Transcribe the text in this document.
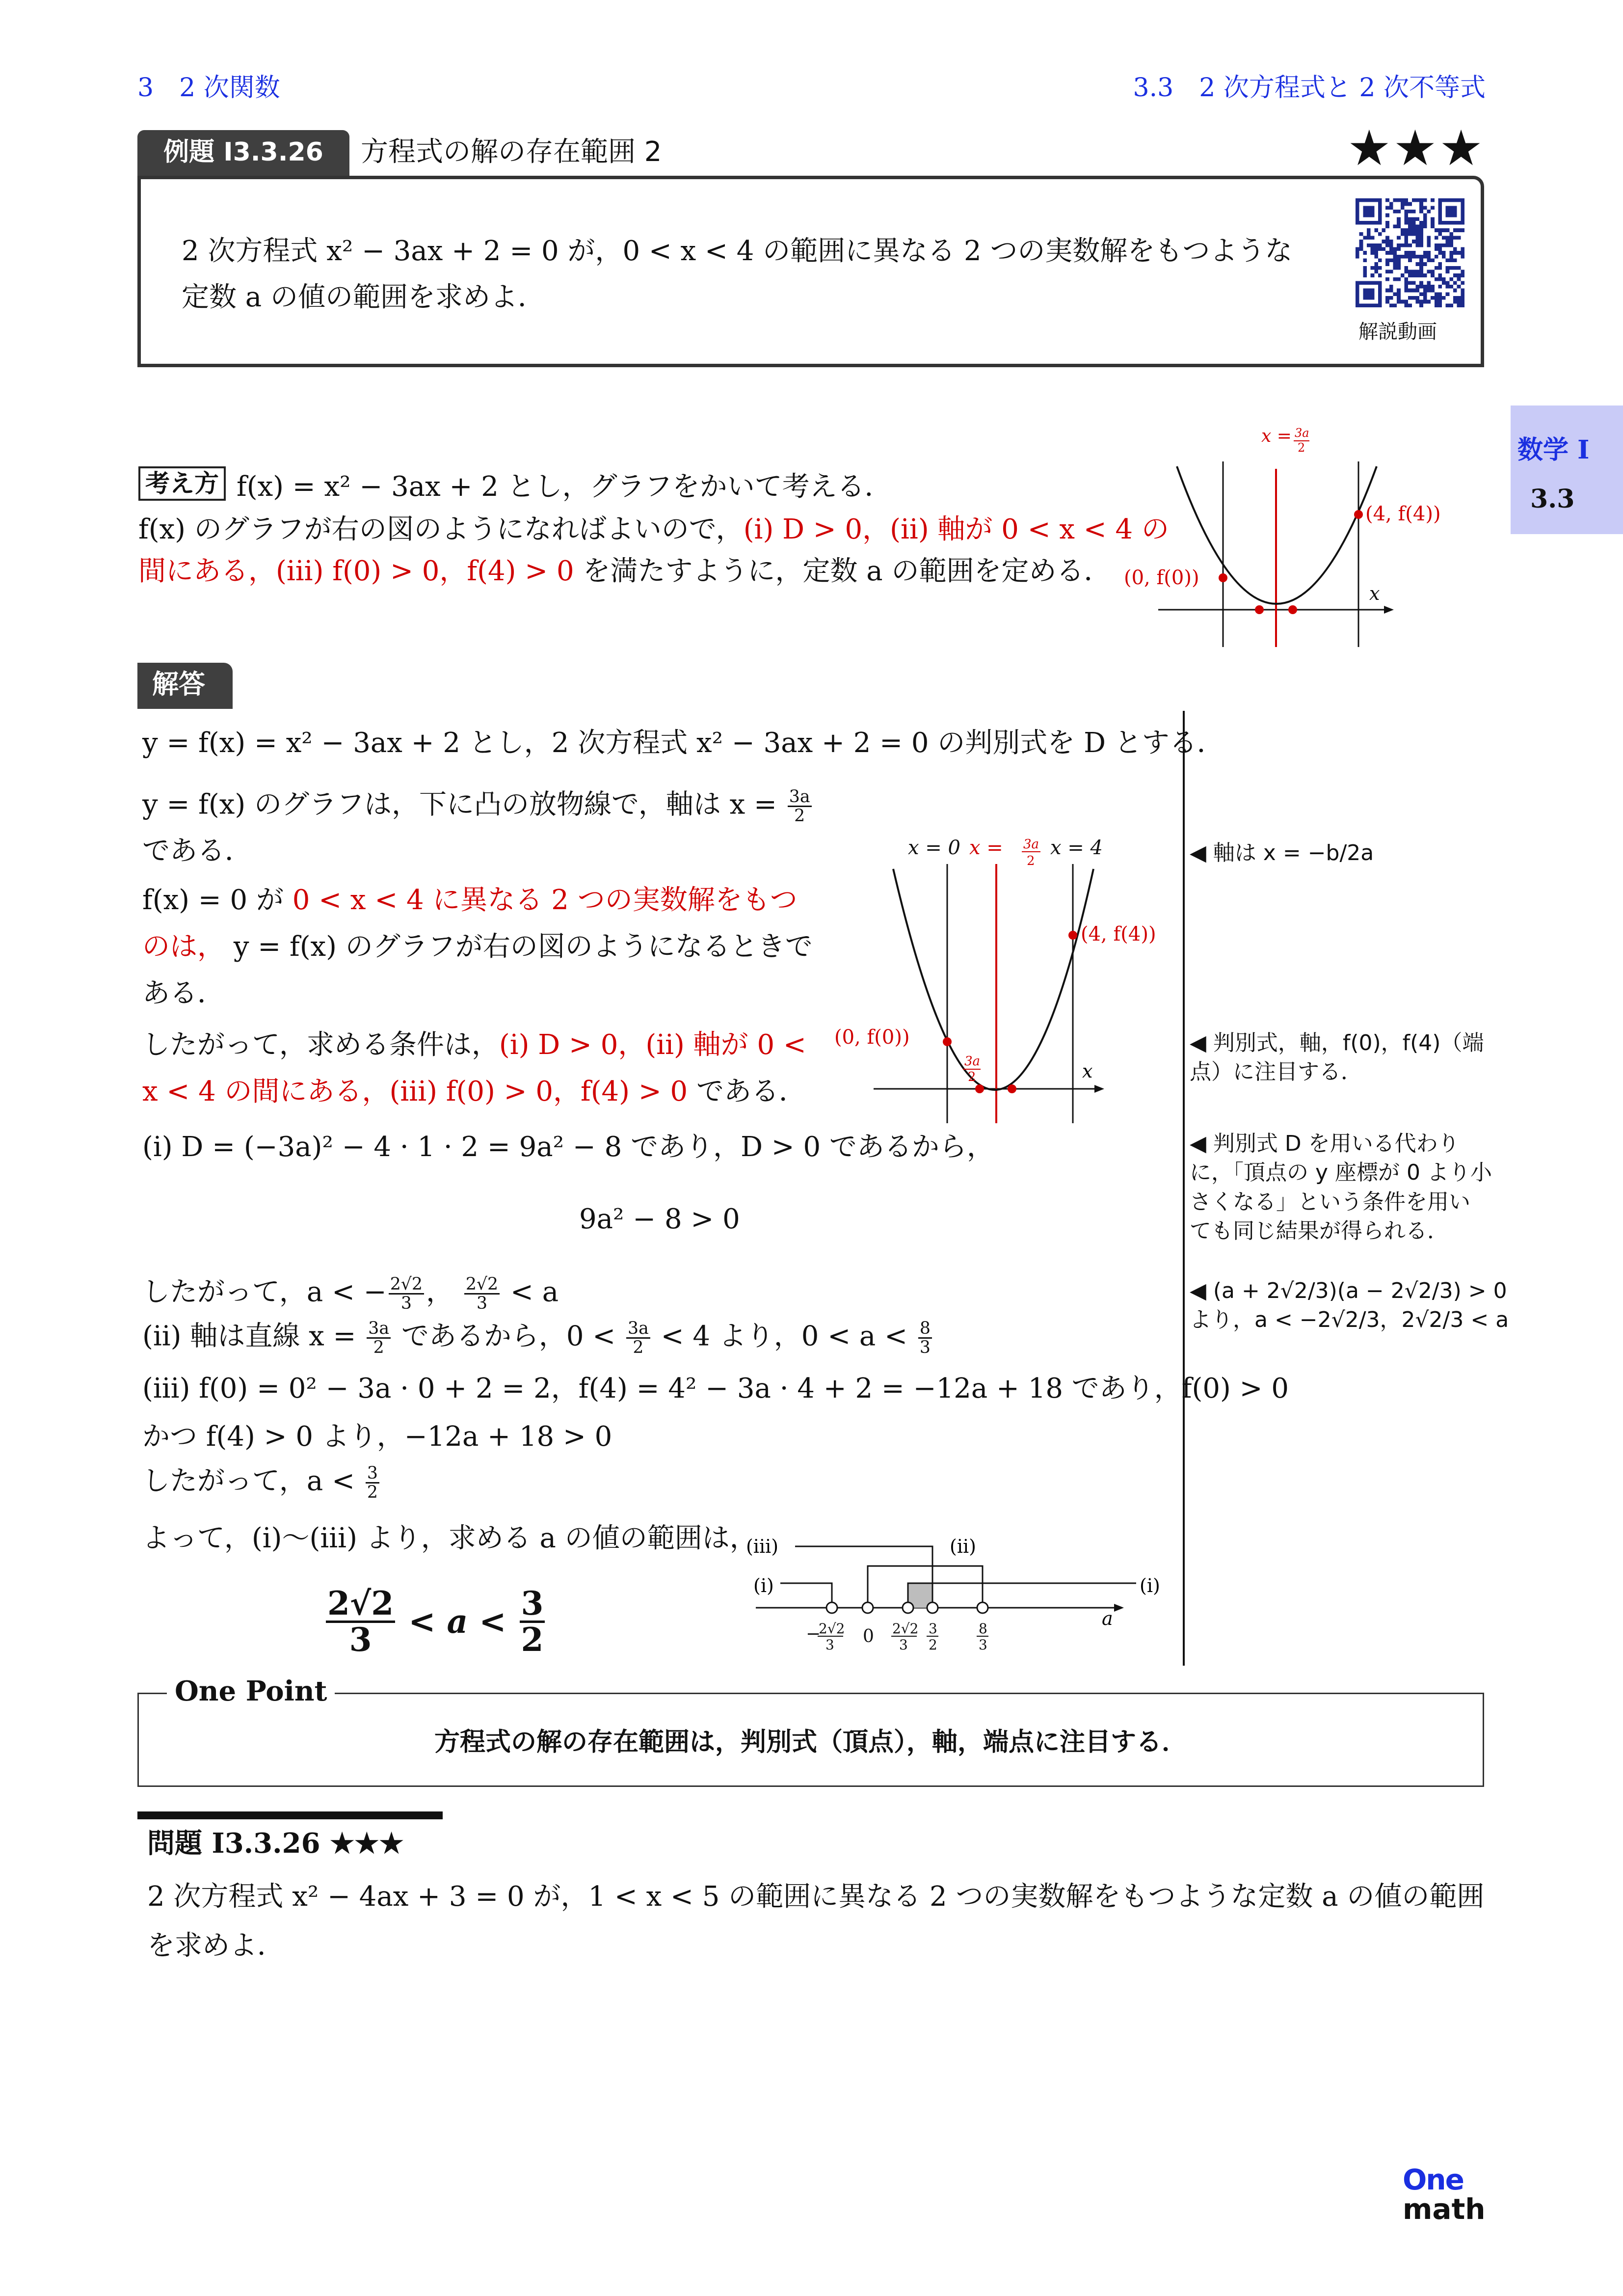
3　2 次関数	3.3　2 次方程式と 2 次不等式
数学 I
3.3
例題 I3.3.26	方程式の解の存在範囲 2	★★★
2 次方程式 x² − 3ax + 2 = 0 が，0 < x < 4 の範囲に異なる 2 つの実数解をもつような
定数 a の値の範囲を求めよ．
解説動画
考え方 f(x) = x² − 3ax + 2 とし，グラフをかいて考える．
f(x) のグラフが右の図のようになればよいので，(i) D > 0，(ii) 軸が 0 < x < 4 の
間にある，(iii) f(0) > 0，f(4) > 0 を満たすように，定数 a の範囲を定める．
x = 3a
2
(0, f(0))
(4, f(4))
x
解答
y = f(x) = x² − 3ax + 2 とし，2 次方程式 x² − 3ax + 2 = 0 の判別式を D とする．
y = f(x) のグラフは，下に凸の放物線で，軸は $x = \frac{3a}{2}$
である．
f(x) = 0 が 0 < x < 4 に異なる 2 つの実数解をもつ
のは， y = f(x) のグラフが右の図のようになるときで
ある．
したがって，求める条件は，(i) D > 0，(ii) 軸が 0 <
x < 4 の間にある，(iii) f(0) > 0，f(4) > 0 である．
(i) D = (−3a)² − 4 · 1 · 2 = 9a² − 8 であり，D > 0 であるから，
9a² − 8 > 0
したがって，a < − $\frac{2√2}{3}$ ， $\frac{2√2}{3} < a$
(ii) 軸は直線 $x = \frac{3a}{2}$ であるから，$0 < \frac{3a}{2} < 4$ より，$0 < a < \frac{8}{3}$
(iii) f(0) = 0² − 3a · 0 + 2 = 2，f(4) = 4² − 3a · 4 + 2 = −12a + 18 であり，f(0) > 0
かつ f(4) > 0 より，−12a + 18 > 0
したがって，$a < \frac{3}{2}$
よって，(i)〜(iii) より，求める a の値の範囲は，
$\frac{2√2}{3} < a < \frac{3}{2}$
x = 0 x = 3a
2
x = 4
x
(0, f(0))
(4, f(4))
3a
2
a
(iii)	(ii)
(i)	(i)
−
2√2
3 0 2√2
3
3
2
8
3
◀ 軸は x = −b/2a
◀ 判別式，軸，f(0)，f(4)（端
点）に注目する．
◀ 判別式 D を用いる代わり
に，「頂点の y 座標が 0 より小
さくなる」という条件を用い
ても同じ結果が得られる．
◀ (a + 2√2/3)(a − 2√2/3) > 0
より，a < −2√2/3，2√2/3 < a
One Point
方程式の解の存在範囲は，判別式（頂点），軸，端点に注目する．
問題 I3.3.26 ★★★
2 次方程式 x² − 4ax + 3 = 0 が，1 < x < 5 の範囲に異なる 2 つの実数解をもつような定数 a の値の範囲
を求めよ．
One
math
